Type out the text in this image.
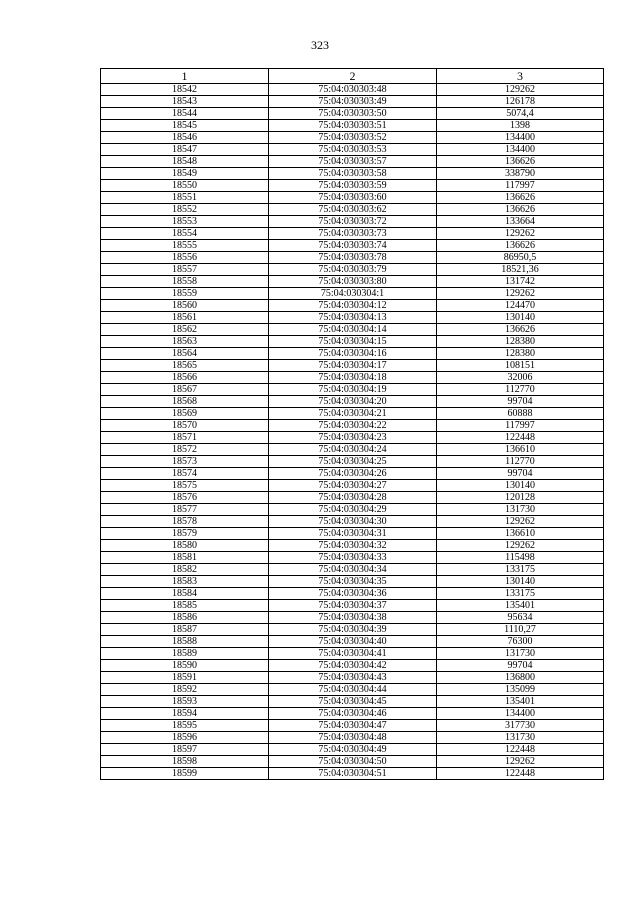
323
1	2	3
18542	75:04:030303:48	129262
18543	75:04:030303:49	126178
18544	75:04:030303:50	5074,4
18545	75:04:030303:51	1398
18546	75:04:030303:52	134400
18547	75:04:030303:53	134400
18548	75:04:030303:57	136626
18549	75:04:030303:58	338790
18550	75:04:030303:59	117997
18551	75:04:030303:60	136626
18552	75:04:030303:62	136626
18553	75:04:030303:72	133664
18554	75:04:030303:73	129262
18555	75:04:030303:74	136626
18556	75:04:030303:78	86950,5
18557	75:04:030303:79	18521,36
18558	75:04:030303:80	131742
18559	75:04:030304:1	129262
18560	75:04:030304:12	124470
18561	75:04:030304:13	130140
18562	75:04:030304:14	136626
18563	75:04:030304:15	128380
18564	75:04:030304:16	128380
18565	75:04:030304:17	108151
18566	75:04:030304:18	32006
18567	75:04:030304:19	112770
18568	75:04:030304:20	99704
18569	75:04:030304:21	60888
18570	75:04:030304:22	117997
18571	75:04:030304:23	122448
18572	75:04:030304:24	136610
18573	75:04:030304:25	112770
18574	75:04:030304:26	99704
18575	75:04:030304:27	130140
18576	75:04:030304:28	120128
18577	75:04:030304:29	131730
18578	75:04:030304:30	129262
18579	75:04:030304:31	136610
18580	75:04:030304:32	129262
18581	75:04:030304:33	115498
18582	75:04:030304:34	133175
18583	75:04:030304:35	130140
18584	75:04:030304:36	133175
18585	75:04:030304:37	135401
18586	75:04:030304:38	95634
18587	75:04:030304:39	1110,27
18588	75:04:030304:40	76300
18589	75:04:030304:41	131730
18590	75:04:030304:42	99704
18591	75:04:030304:43	136800
18592	75:04:030304:44	135099
18593	75:04:030304:45	135401
18594	75:04:030304:46	134400
18595	75:04:030304:47	317730
18596	75:04:030304:48	131730
18597	75:04:030304:49	122448
18598	75:04:030304:50	129262
18599	75:04:030304:51	122448
